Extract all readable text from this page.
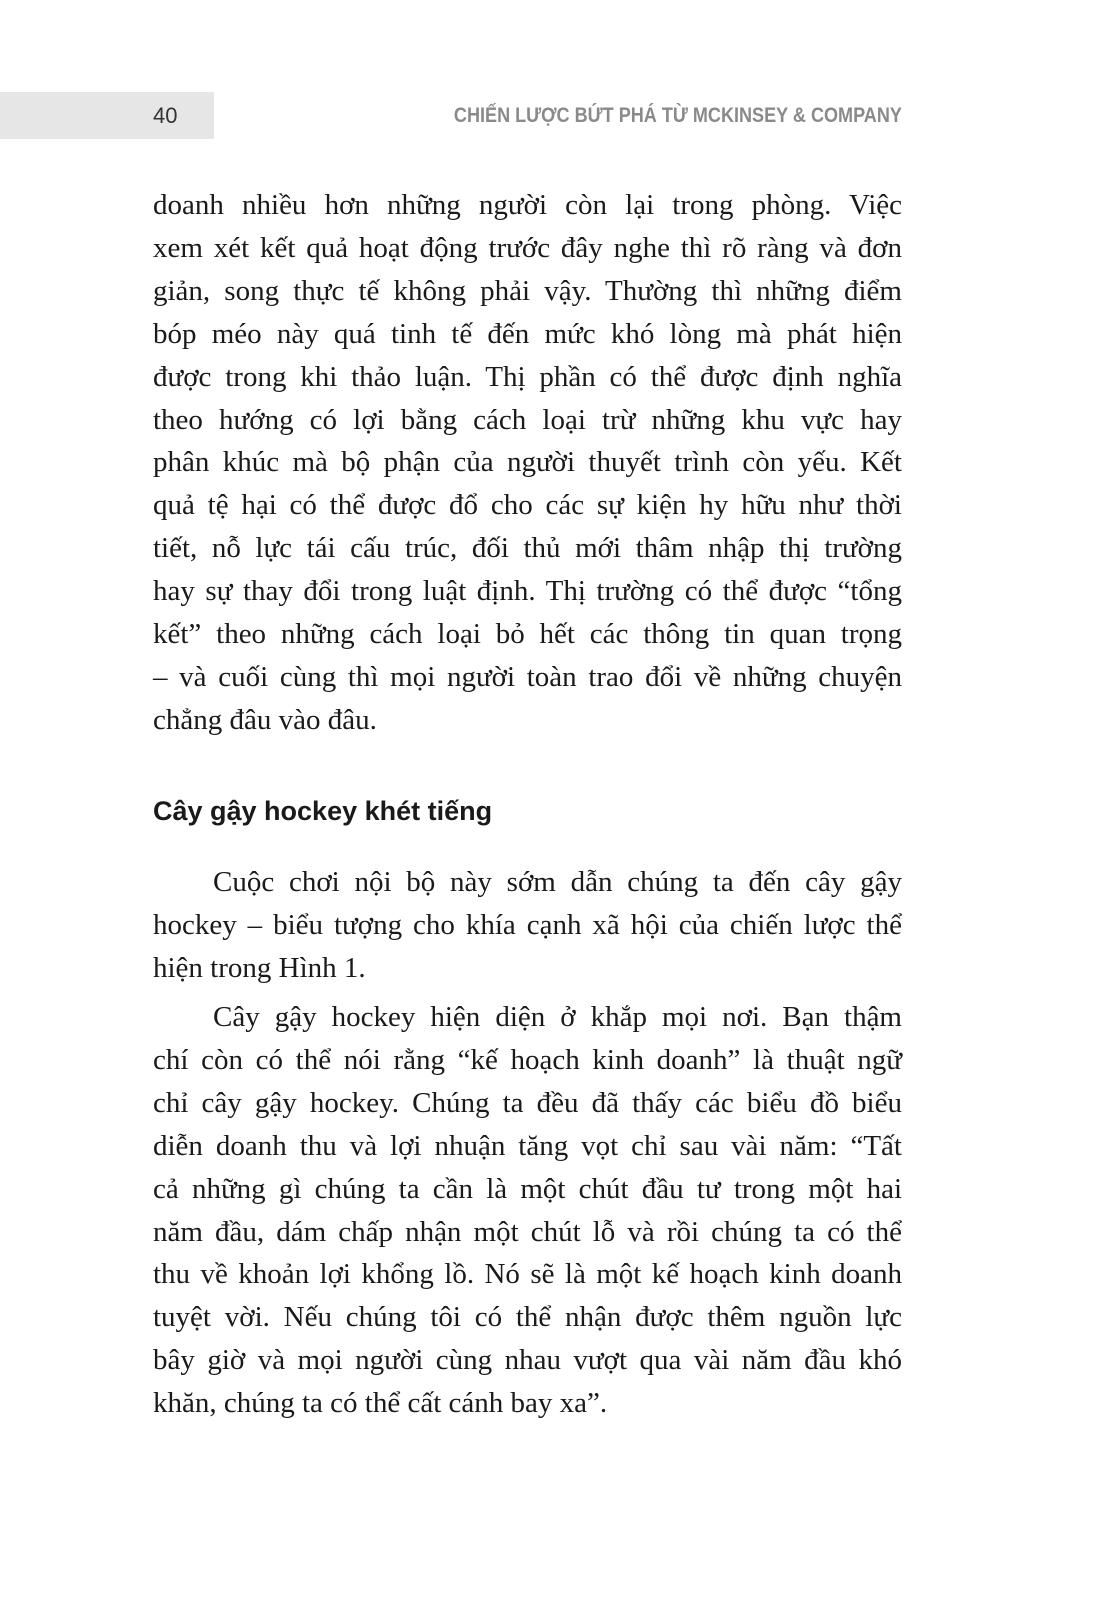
40	CHIẾN LƯỢC BỨT PHÁ TỪ MCKINSEY & COMPANY
doanh nhiều hơn những người còn lại trong phòng. Việc
xem xét kết quả hoạt động trước đây nghe thì rõ ràng và đơn
giản, song thực tế không phải vậy. Thường thì những điểm
bóp méo này quá tinh tế đến mức khó lòng mà phát hiện
được trong khi thảo luận. Thị phần có thể được định nghĩa
theo hướng có lợi bằng cách loại trừ những khu vực hay
phân khúc mà bộ phận của người thuyết trình còn yếu. Kết
quả tệ hại có thể được đổ cho các sự kiện hy hữu như thời
tiết, nỗ lực tái cấu trúc, đối thủ mới thâm nhập thị trường
hay sự thay đổi trong luật định. Thị trường có thể được “tổng
kết” theo những cách loại bỏ hết các thông tin quan trọng
– và cuối cùng thì mọi người toàn trao đổi về những chuyện
chẳng đâu vào đâu.
Cây gậy hockey khét tiếng
Cuộc chơi nội bộ này sớm dẫn chúng ta đến cây gậy
hockey – biểu tượng cho khía cạnh xã hội của chiến lược thể
hiện trong Hình 1.
Cây gậy hockey hiện diện ở khắp mọi nơi. Bạn thậm
chí còn có thể nói rằng “kế hoạch kinh doanh” là thuật ngữ
chỉ cây gậy hockey. Chúng ta đều đã thấy các biểu đồ biểu
diễn doanh thu và lợi nhuận tăng vọt chỉ sau vài năm: “Tất
cả những gì chúng ta cần là một chút đầu tư trong một hai
năm đầu, dám chấp nhận một chút lỗ và rồi chúng ta có thể
thu về khoản lợi khổng lồ. Nó sẽ là một kế hoạch kinh doanh
tuyệt vời. Nếu chúng tôi có thể nhận được thêm nguồn lực
bây giờ và mọi người cùng nhau vượt qua vài năm đầu khó
khăn, chúng ta có thể cất cánh bay xa”.
